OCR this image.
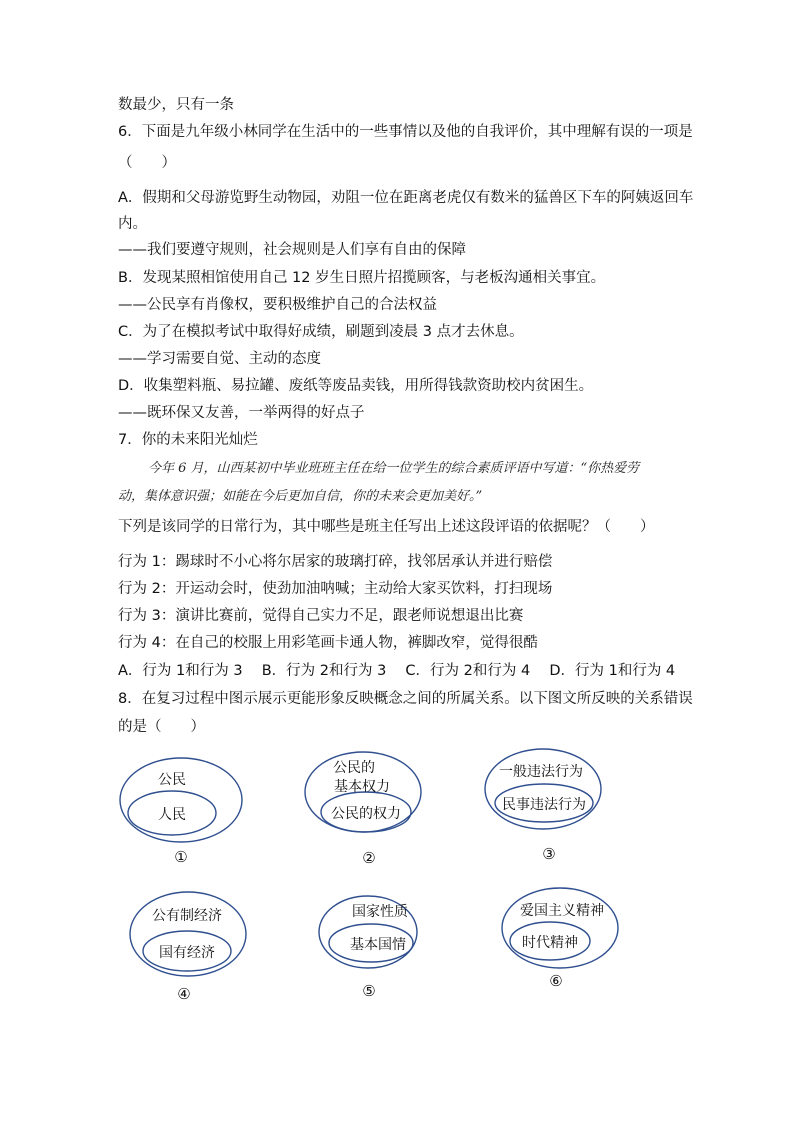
数最少，只有一条
6．下面是九年级小林同学在生活中的一些事情以及他的自我评价，其中理解有误的一项是
（　　）
A．假期和父母游览野生动物园，劝阻一位在距离老虎仅有数米的猛兽区下车的阿姨返回车
内。
——我们要遵守规则，社会规则是人们享有自由的保障
B．发现某照相馆使用自己 12 岁生日照片招揽顾客，与老板沟通相关事宜。
——公民享有肖像权，要积极维护自己的合法权益
C．为了在模拟考试中取得好成绩，刷题到凌晨 3 点才去休息。
——学习需要自觉、主动的态度
D．收集塑料瓶、易拉罐、废纸等废品卖钱，用所得钱款资助校内贫困生。
——既环保又友善，一举两得的好点子
7．你的未来阳光灿烂
今年 6 月，山西某初中毕业班班主任在给一位学生的综合素质评语中写道：“你热爱劳
动，集体意识强；如能在今后更加自信，你的未来会更加美好。”
下列是该同学的日常行为，其中哪些是班主任写出上述这段评语的依据呢？（　　）
行为 1：踢球时不小心将尔居家的玻璃打碎，找邻居承认并进行赔偿
行为 2：开运动会时，使劲加油呐喊；主动给大家买饮料，打扫现场
行为 3：演讲比赛前，觉得自己实力不足，跟老师说想退出比赛
行为 4：在自己的校服上用彩笔画卡通人物，裤脚改窄，觉得很酷
A．行为 1和行为 3　 B．行为 2和行为 3　 C．行为 2和行为 4　 D．行为 1和行为 4
8．在复习过程中图示展示更能形象反映概念之间的所属关系。以下图文所反映的关系错误
的是（　　）
公民
人民
①
公民的
基本权力
公民的权力
②
一般违法行为
民事违法行为
③
公有制经济
国有经济
④
国家性质
基本国情
⑤
爱国主义精神
时代精神
⑥
